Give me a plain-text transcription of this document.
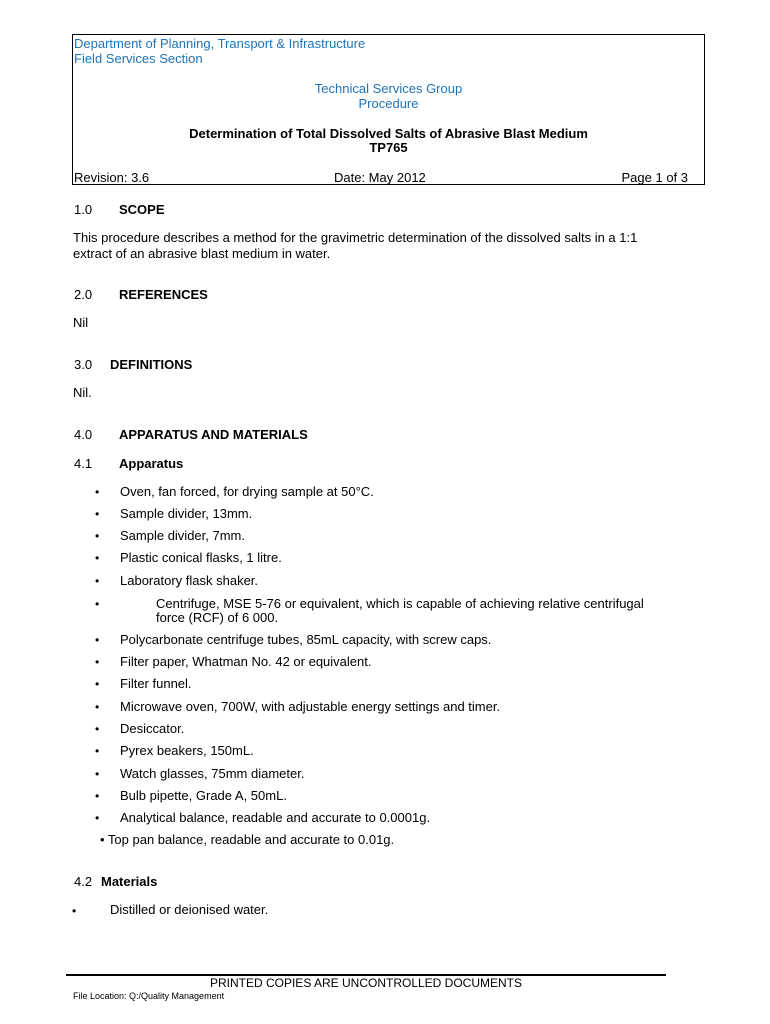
Department of Planning, Transport & Infrastructure
Field Services Section
Technical Services Group
Procedure
Determination of Total Dissolved Salts of Abrasive Blast Medium
TP765
Revision: 3.6	Date: May 2012	Page 1 of 3
1.0 SCOPE
This procedure describes a method for the gravimetric determination of the dissolved salts in a 1:1
extract of an abrasive blast medium in water.
2.0 REFERENCES
Nil
3.0 DEFINITIONS
Nil.
4.0 APPARATUS AND MATERIALS
4.1 Apparatus
• Oven, fan forced, for drying sample at 50°C.
• Sample divider, 13mm.
• Sample divider, 7mm.
• Plastic conical flasks, 1 litre.
• Laboratory flask shaker.
•	Centrifuge, MSE 5-76 or equivalent, which is capable of achieving relative centrifugal
force (RCF) of 6 000.
• Polycarbonate centrifuge tubes, 85mL capacity, with screw caps.
• Filter paper, Whatman No. 42 or equivalent.
• Filter funnel.
• Microwave oven, 700W, with adjustable energy settings and timer.
• Desiccator.
• Pyrex beakers, 150mL.
• Watch glasses, 75mm diameter.
• Bulb pipette, Grade A, 50mL.
• Analytical balance, readable and accurate to 0.0001g.
• Top pan balance, readable and accurate to 0.01g.
4.2 Materials
•	Distilled or deionised water.
PRINTED COPIES ARE UNCONTROLLED DOCUMENTS
File Location: Q:/Quality Management
